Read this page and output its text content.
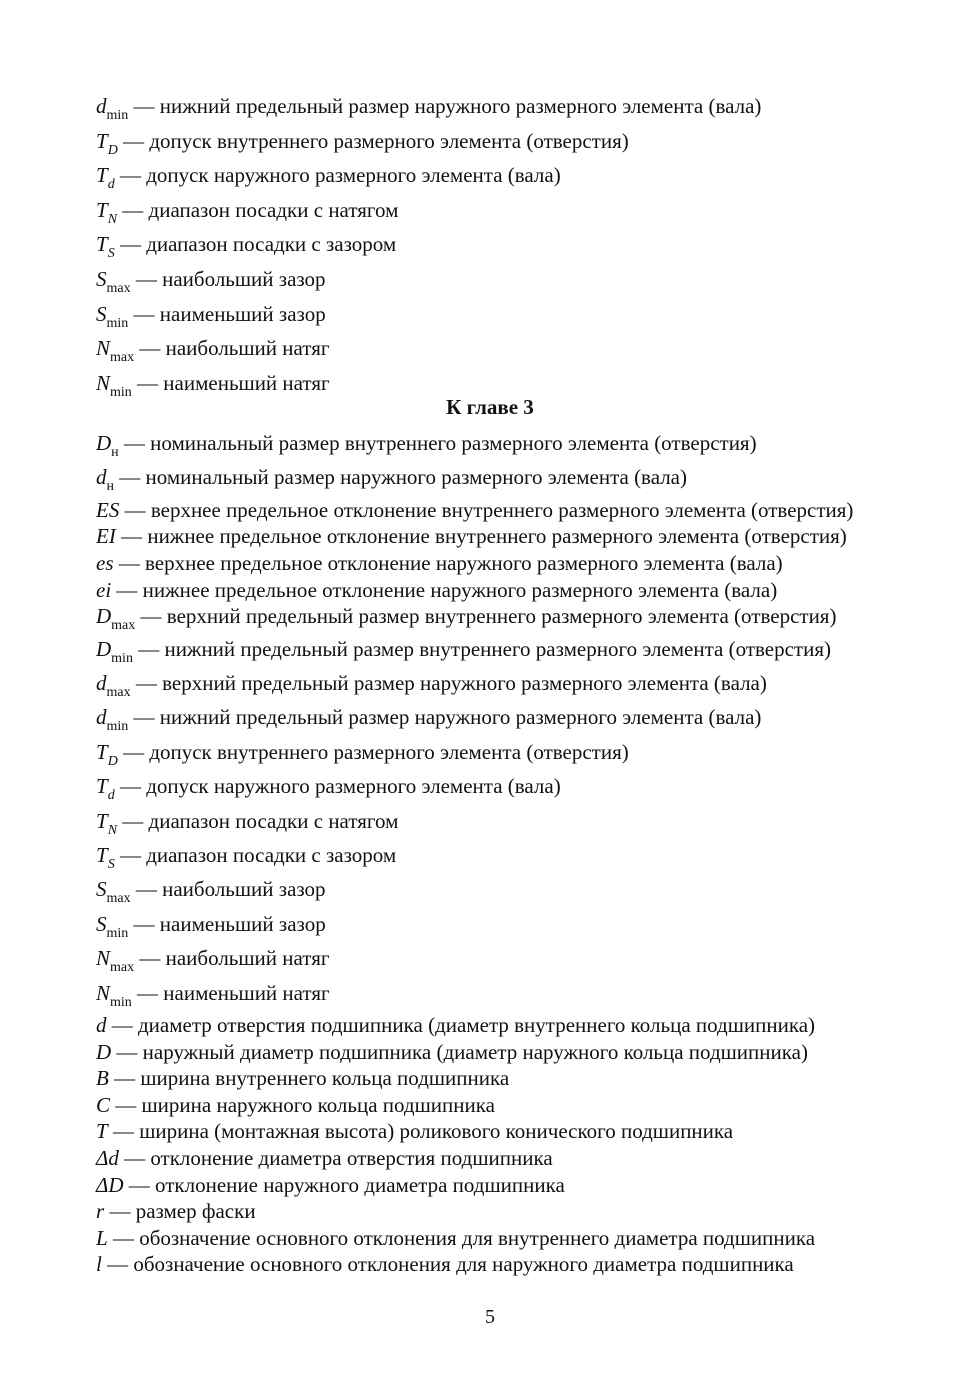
$d_{min}$ — нижний предельный размер наружного размерного элемента (вала)

$T_D$ — допуск внутреннего размерного элемента (отверстия)

$T_d$ — допуск наружного размерного элемента (вала)

$T_N$ — диапазон посадки с натягом

$T_S$ — диапазон посадки с зазором

$S_{max}$ — наибольший зазор

$S_{min}$ — наименьший зазор

$N_{max}$ — наибольший натяг

$N_{min}$ — наименьший натяг

К главе 3

$D_н$ — номинальный размер внутреннего размерного элемента (отверстия)

$d_н$ — номинальный размер наружного размерного элемента (вала)

ES — верхнее предельное отклонение внутреннего размерного элемента (отверстия)

EI — нижнее предельное отклонение внутреннего размерного элемента (отверстия)

es — верхнее предельное отклонение наружного размерного элемента (вала)

ei — нижнее предельное отклонение наружного размерного элемента (вала)

$D_{max}$ — верхний предельный размер внутреннего размерного элемента (отверстия)

$D_{min}$ — нижний предельный размер внутреннего размерного элемента (отверстия)

$d_{max}$ — верхний предельный размер наружного размерного элемента (вала)

$d_{min}$ — нижний предельный размер наружного размерного элемента (вала)

$T_D$ — допуск внутреннего размерного элемента (отверстия)

$T_d$ — допуск наружного размерного элемента (вала)

$T_N$ — диапазон посадки с натягом

$T_S$ — диапазон посадки с зазором

$S_{max}$ — наибольший зазор

$S_{min}$ — наименьший зазор

$N_{max}$ — наибольший натяг

$N_{min}$ — наименьший натяг

d — диаметр отверстия подшипника (диаметр внутреннего кольца подшипника)

D — наружный диаметр подшипника (диаметр наружного кольца подшипника)

B — ширина внутреннего кольца подшипника

C — ширина наружного кольца подшипника

T — ширина (монтажная высота) роликового конического подшипника

Δd — отклонение диаметра отверстия подшипника

ΔD — отклонение наружного диаметра подшипника

r — размер фаски

L — обозначение основного отклонения для внутреннего диаметра подшипника

l — обозначение основного отклонения для наружного диаметра подшипника

5
